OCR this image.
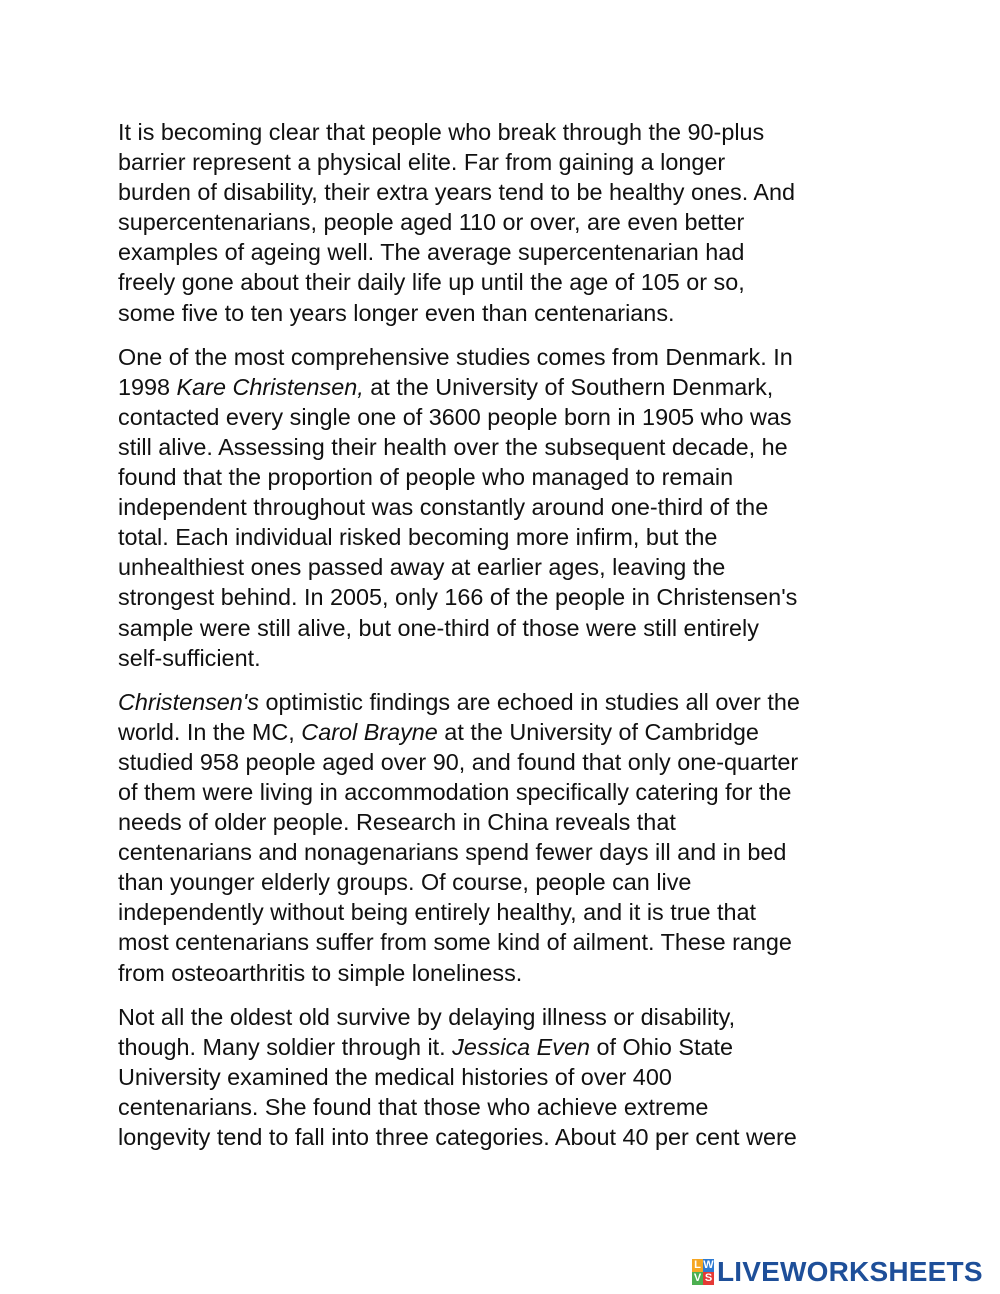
It is becoming clear that people who break through the 90-plus
barrier represent a physical elite. Far from gaining a longer
burden of disability, their extra years tend to be healthy ones. And
supercentenarians, people aged 110 or over, are even better
examples of ageing well. The average supercentenarian had
freely gone about their daily life up until the age of 105 or so,
some five to ten years longer even than centenarians.

One of the most comprehensive studies comes from Denmark. In
1998 Kare Christensen, at the University of Southern Denmark,
contacted every single one of 3600 people born in 1905 who was
still alive. Assessing their health over the subsequent decade, he
found that the proportion of people who managed to remain
independent throughout was constantly around one-third of the
total. Each individual risked becoming more infirm, but the
unhealthiest ones passed away at earlier ages, leaving the
strongest behind. In 2005, only 166 of the people in Christensen's
sample were still alive, but one-third of those were still entirely
self-sufficient.

Christensen's optimistic findings are echoed in studies all over the
world. In the MC, Carol Brayne at the University of Cambridge
studied 958 people aged over 90, and found that only one-quarter
of them were living in accommodation specifically catering for the
needs of older people. Research in China reveals that
centenarians and nonagenarians spend fewer days ill and in bed
than younger elderly groups. Of course, people can live
independently without being entirely healthy, and it is true that
most centenarians suffer from some kind of ailment. These range
from osteoarthritis to simple loneliness.

Not all the oldest old survive by delaying illness or disability,
though. Many soldier through it. Jessica Even of Ohio State
University examined the medical histories of over 400
centenarians. She found that those who achieve extreme
longevity tend to fall into three categories. About 40 per cent were

L W
V S LIVEWORKSHEETS
